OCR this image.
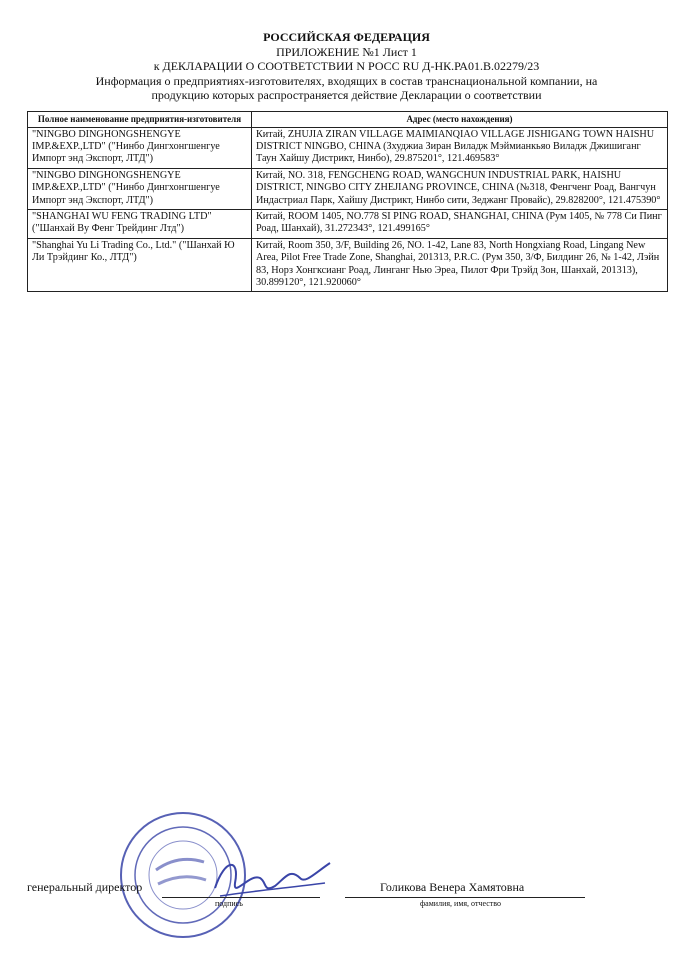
РОССИЙСКАЯ ФЕДЕРАЦИЯ
ПРИЛОЖЕНИЕ №1 Лист 1
к ДЕКЛАРАЦИИ О СООТВЕТСТВИИ N РОСС RU Д-НК.РА01.В.02279/23
Информация о предприятиях-изготовителях, входящих в состав транснациональной компании, на
продукцию которых распространяется действие Декларации о соответствии
Полное наименование предприятия-изготовителя	Адрес (место нахождения)
"NINGBO DINGHONGSHENGYE IMP.&EXP.,LTD" ("Нинбо Дингхонгшенгуе Импорт энд Экспорт, ЛТД")	Китай, ZHUJIA ZIRAN VILLAGE MAIMIANQIAO VILLAGE JISHIGANG TOWN HAISHU DISTRICT NINGBO, CHINA (Зхуджиа Зиран Виладж Мэймианкьяо Виладж Джишиганг Таун Хайшу Дистрикт, Нинбо), 29.875201°, 121.469583°
"NINGBO DINGHONGSHENGYE IMP.&EXP.,LTD" ("Нинбо Дингхонгшенгуе Импорт энд Экспорт, ЛТД")	Китай, NO. 318, FENGCHENG ROAD, WANGCHUN INDUSTRIAL PARK, HAISHU DISTRICT, NINGBO CITY ZHEJIANG PROVINCE, CHINA (№318, Фенгченг Роад, Вангчун Индастриал Парк, Хайшу Дистрикт, Нинбо сити, Зеджанг Провайс), 29.828200°, 121.475390°
"SHANGHAI WU FENG TRADING LTD" ("Шанхай Ву Фенг Трейдинг Лтд")	Китай, ROOM 1405, NO.778 SI PING ROAD, SHANGHAI, CHINA (Рум 1405, № 778 Си Пинг Роад, Шанхай), 31.272343°, 121.499165°
"Shanghai Yu Li Trading Co., Ltd." ("Шанхай Ю Ли Трэйдинг Ко., ЛТД")	Китай, Room 350, 3/F, Building 26, NO. 1-42, Lane 83, North Hongxiang Road, Lingang New Area, Pilot Free Trade Zone, Shanghai, 201313, P.R.C. (Рум 350, 3/Ф, Билдинг 26, № 1-42, Лэйн 83, Норз Хонгксианг Роад, Линганг Нью Эреа, Пилот Фри Трэйд Зон, Шанхай, 201313), 30.899120°, 121.920060°
генеральный директор
подпись
Голикова Венера Хамятовна
фамилия, имя, отчество
